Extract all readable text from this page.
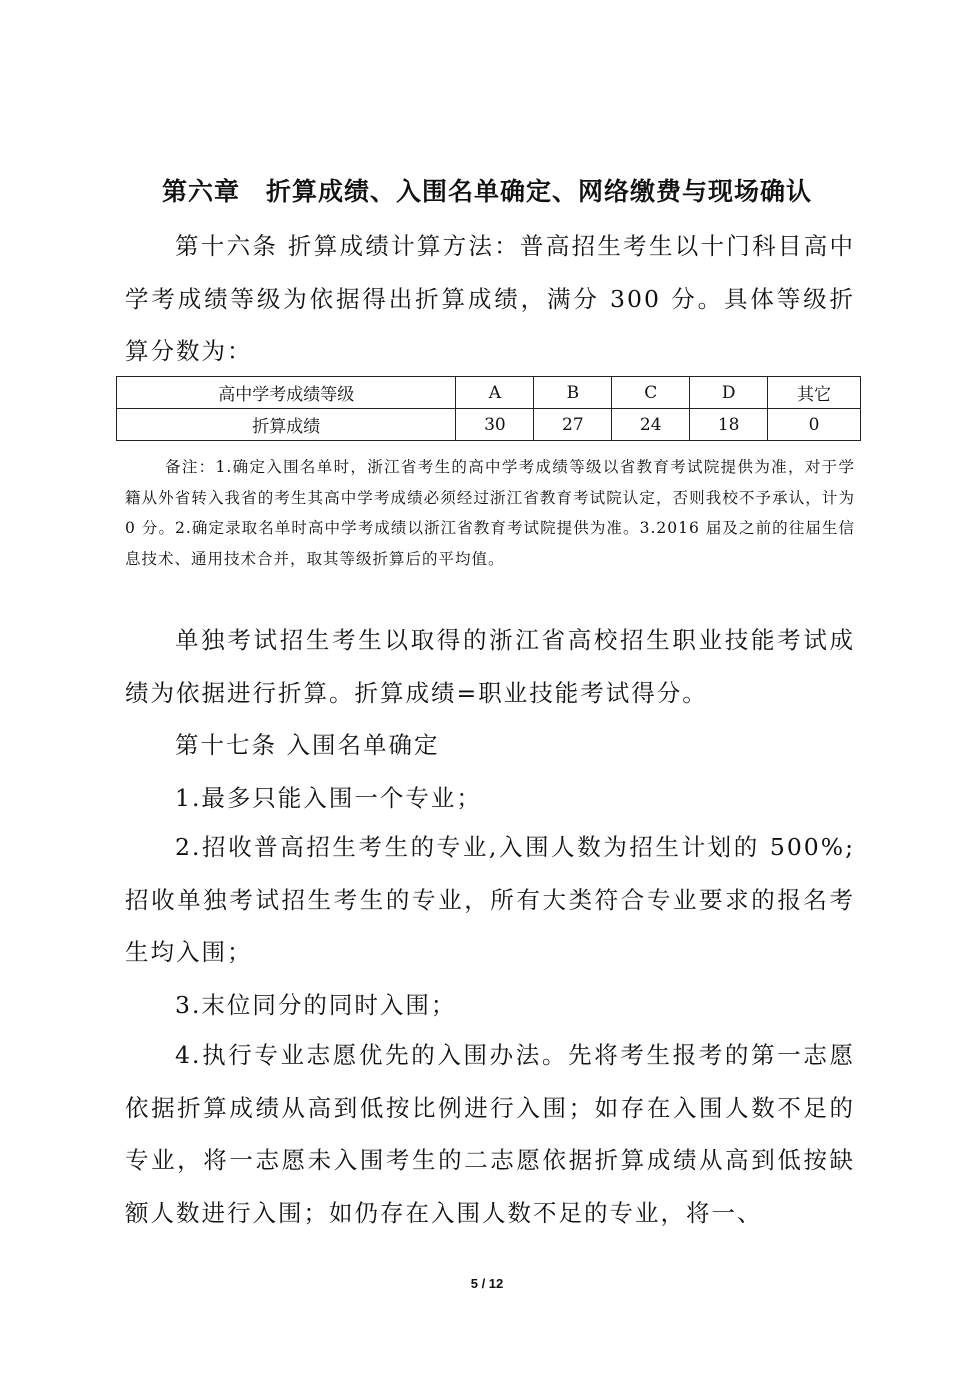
第六章　折算成绩、入围名单确定、网络缴费与现场确认
第十六条 折算成绩计算方法：普高招生考生以十门科目高中学考成绩等级为依据得出折算成绩，满分 300 分。具体等级折算分数为：
高中学考成绩等级	A	B	C	D	其它
折算成绩	30	27	24	18	0
备注：1.确定入围名单时，浙江省考生的高中学考成绩等级以省教育考试院提供为准，对于学籍从外省转入我省的考生其高中学考成绩必须经过浙江省教育考试院认定，否则我校不予承认，计为 0 分。2.确定录取名单时高中学考成绩以浙江省教育考试院提供为准。3.2016 届及之前的往届生信息技术、通用技术合并，取其等级折算后的平均值。
单独考试招生考生以取得的浙江省高校招生职业技能考试成绩为依据进行折算。折算成绩=职业技能考试得分。
第十七条 入围名单确定
1.最多只能入围一个专业；
2.招收普高招生考生的专业,入围人数为招生计划的 500%;招收单独考试招生考生的专业，所有大类符合专业要求的报名考生均入围；
3.末位同分的同时入围；
4.执行专业志愿优先的入围办法。先将考生报考的第一志愿依据折算成绩从高到低按比例进行入围；如存在入围人数不足的专业，将一志愿未入围考生的二志愿依据折算成绩从高到低按缺额人数进行入围；如仍存在入围人数不足的专业，将一、
5 / 12
